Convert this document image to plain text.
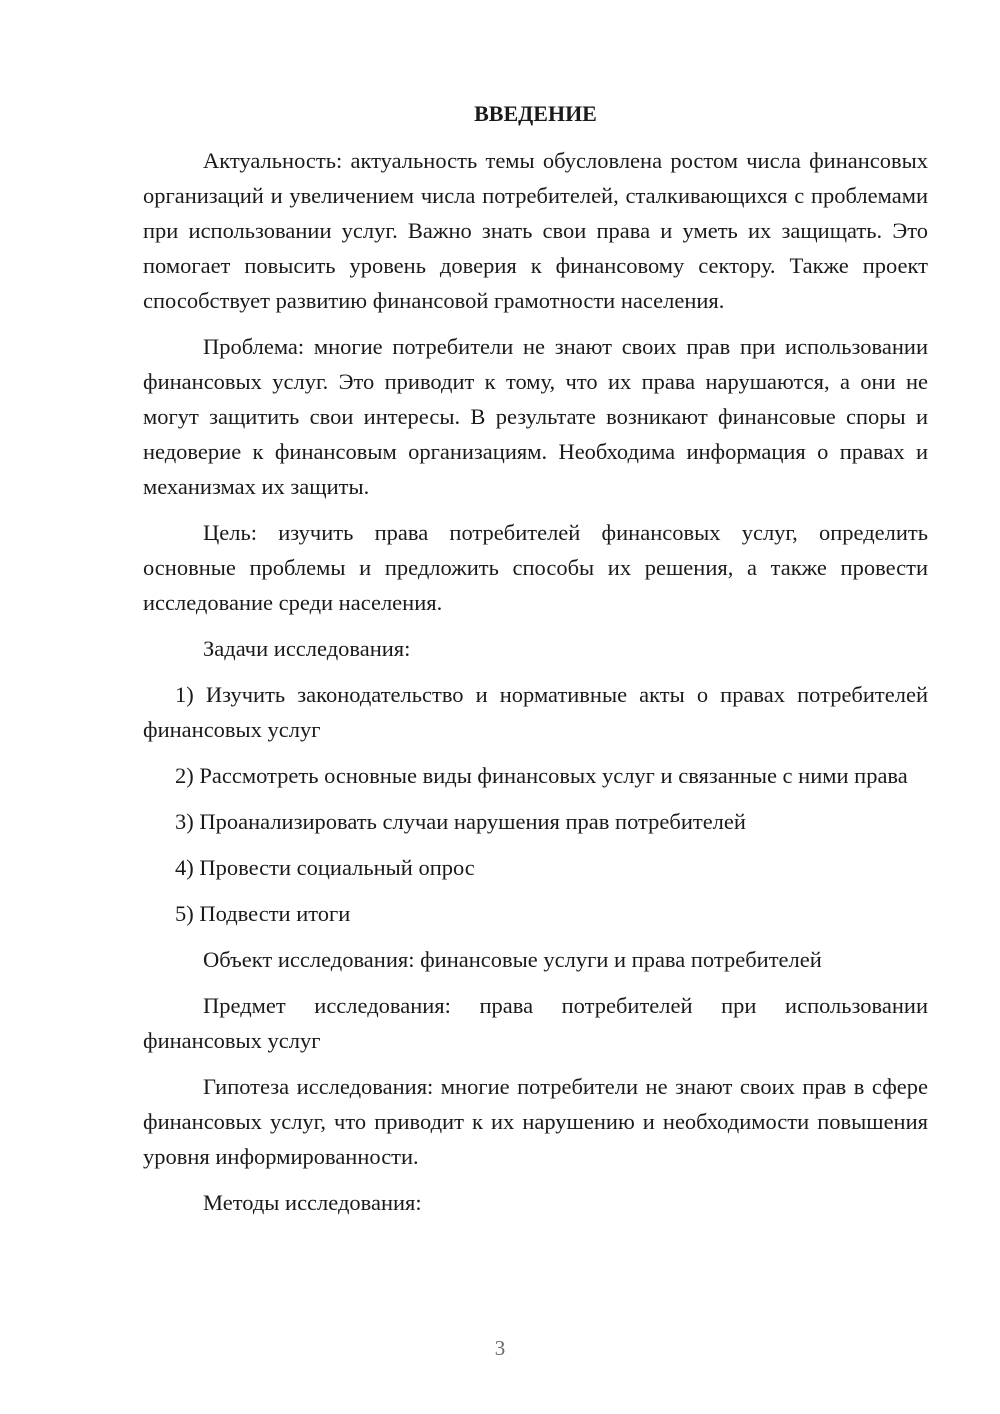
ВВЕДЕНИЕ

Актуальность: актуальность темы обусловлена ростом числа финансовых организаций и увеличением числа потребителей, сталкивающихся с проблемами при использовании услуг. Важно знать свои права и уметь их защищать. Это помогает повысить уровень доверия к финансовому сектору. Также проект способствует развитию финансовой грамотности населения.

Проблема: многие потребители не знают своих прав при использовании финансовых услуг. Это приводит к тому, что их права нарушаются, а они не могут защитить свои интересы. В результате возникают финансовые споры и недоверие к финансовым организациям. Необходима информация о правах и механизмах их защиты.

Цель: изучить права потребителей финансовых услуг, определить основные проблемы и предложить способы их решения, а также провести исследование среди населения.

Задачи исследования:

1) Изучить законодательство и нормативные акты о правах потребителей финансовых услуг

2) Рассмотреть основные виды финансовых услуг и связанные с ними права

3) Проанализировать случаи нарушения прав потребителей

4) Провести социальный опрос

5) Подвести итоги

Объект исследования: финансовые услуги и права потребителей

Предмет исследования: права потребителей при использовании финансовых услуг

Гипотеза исследования: многие потребители не знают своих прав в сфере финансовых услуг, что приводит к их нарушению и необходимости повышения уровня информированности.

Методы исследования:

3
